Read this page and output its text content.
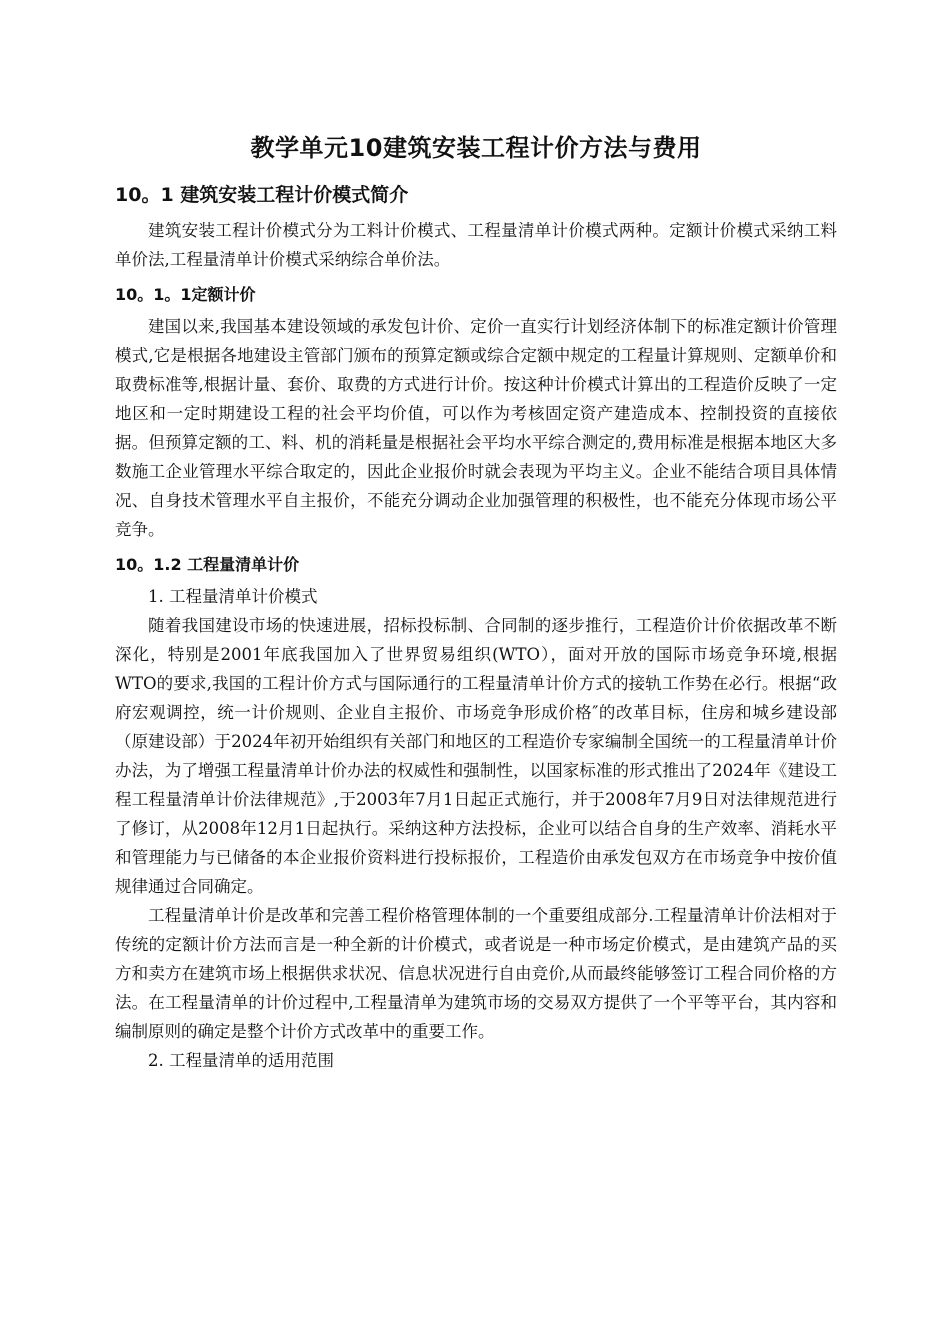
教学单元10建筑安装工程计价方法与费用
10。1 建筑安装工程计价模式简介

建筑安装工程计价模式分为工料计价模式、工程量清单计价模式两种。定额计价模式采纳工料单价法,工程量清单计价模式采纳综合单价法。

10。1。1定额计价

建国以来,我国基本建设领域的承发包计价、定价一直实行计划经济体制下的标准定额计价管理模式,它是根据各地建设主管部门颁布的预算定额或综合定额中规定的工程量计算规则、定额单价和取费标准等,根据计量、套价、取费的方式进行计价。按这种计价模式计算出的工程造价反映了一定地区和一定时期建设工程的社会平均价值，可以作为考核固定资产建造成本、控制投资的直接依据。但预算定额的工、料、机的消耗量是根据社会平均水平综合测定的,费用标准是根据本地区大多数施工企业管理水平综合取定的，因此企业报价时就会表现为平均主义。企业不能结合项目具体情况、自身技术管理水平自主报价，不能充分调动企业加强管理的积极性，也不能充分体现市场公平竞争。

10。1.2 工程量清单计价

1. 工程量清单计价模式

随着我国建设市场的快速进展，招标投标制、合同制的逐步推行，工程造价计价依据改革不断深化，特别是2001年底我国加入了世界贸易组织(WTO），面对开放的国际市场竞争环境,根据WTO的要求,我国的工程计价方式与国际通行的工程量清单计价方式的接轨工作势在必行。根据“政府宏观调控，统一计价规则、企业自主报价、市场竞争形成价格″的改革目标，住房和城乡建设部（原建设部）于2024年初开始组织有关部门和地区的工程造价专家编制全国统一的工程量清单计价办法，为了增强工程量清单计价办法的权威性和强制性，以国家标准的形式推出了2024年《建设工程工程量清单计价法律规范》,于2003年7月1日起正式施行，并于2008年7月9日对法律规范进行了修订，从2008年12月1日起执行。采纳这种方法投标，企业可以结合自身的生产效率、消耗水平和管理能力与已储备的本企业报价资料进行投标报价，工程造价由承发包双方在市场竞争中按价值规律通过合同确定。

工程量清单计价是改革和完善工程价格管理体制的一个重要组成部分.工程量清单计价法相对于传统的定额计价方法而言是一种全新的计价模式，或者说是一种市场定价模式，是由建筑产品的买方和卖方在建筑市场上根据供求状况、信息状况进行自由竞价,从而最终能够签订工程合同价格的方法。在工程量清单的计价过程中,工程量清单为建筑市场的交易双方提供了一个平等平台，其内容和编制原则的确定是整个计价方式改革中的重要工作。

2. 工程量清单的适用范围
